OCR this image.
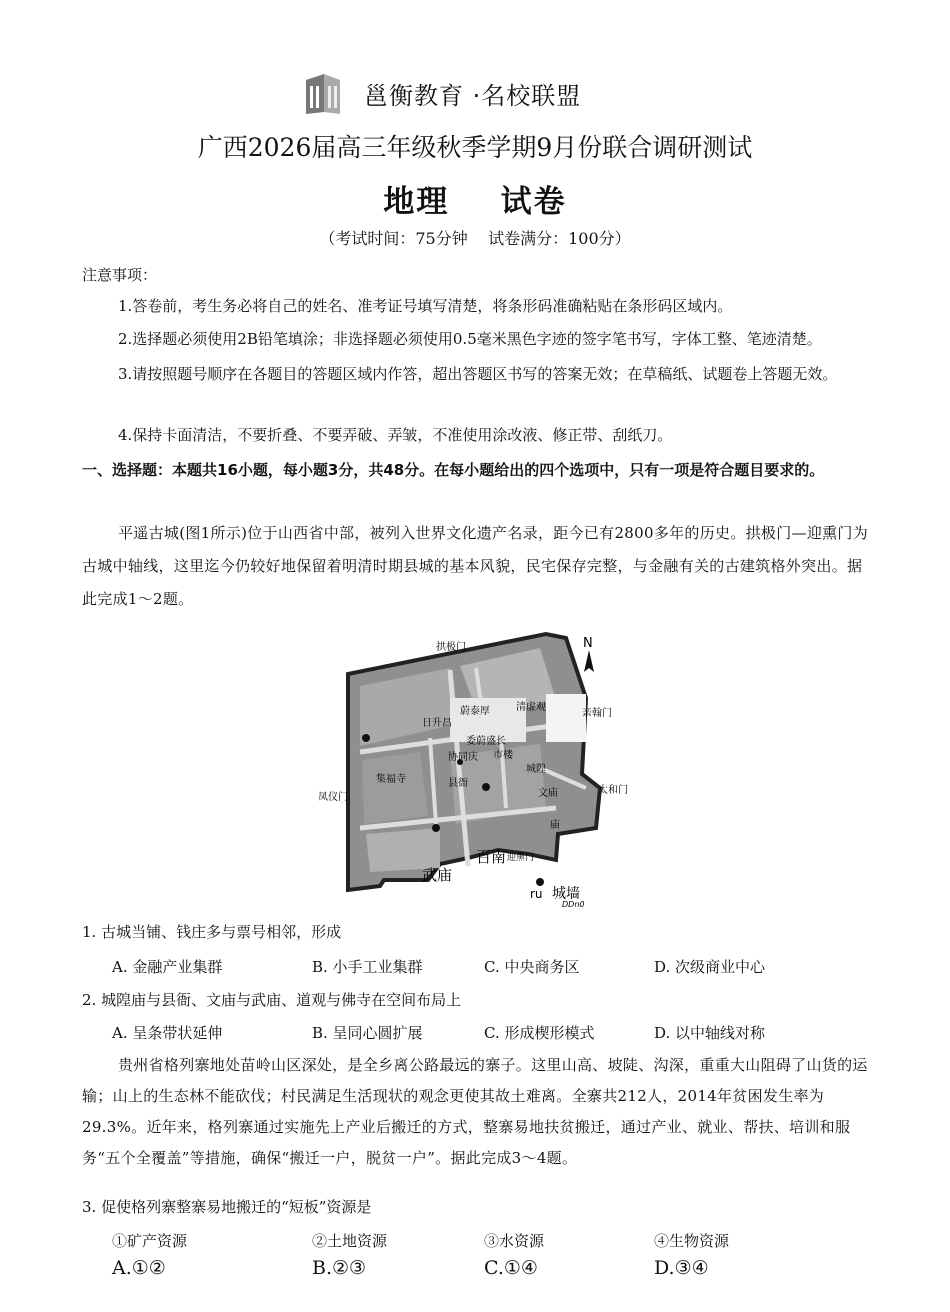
邕衡教育 ·名校联盟
广西2026届高三年级秋季学期9月份联合调研测试
地理    试卷
（考试时间：75分钟    试卷满分：100分）
注意事项：
1.答卷前，考生务必将自己的姓名、准考证号填写清楚，将条形码准确粘贴在条形码区域内。
2.选择题必须使用2B铅笔填涂；非选择题必须使用0.5毫米黑色字迹的签字笔书写，字体工整、笔迹清楚。
3.请按照题号顺序在各题目的答题区域内作答，超出答题区书写的答案无效；在草稿纸、试题卷上答题无效。
4.保持卡面清洁，不要折叠、不要弄破、弄皱，不准使用涂改液、修正带、刮纸刀。
一、选择题：本题共16小题，每小题3分，共48分。在每小题给出的四个选项中，只有一项是符合题目要求的。
平遥古城(图1所示)位于山西省中部，被列入世界文化遗产名录，距今已有2800多年的历史。拱极门—迎熏门为古城中轴线，这里迄今仍较好地保留着明清时期县城的基本风貌，民宅保存完整，与金融有关的古建筑格外突出。据此完成1～2题。
N
拱极门
亲翰门
太和门
凤仪门
迎熏门
蔚泰厚	清虚观
日升昌
委蔚盛长
协同庆 市楼
集福寺	县衙
城隍
文庙
庙
武庙
百南
ru 城墙
DDn0
1. 古城当铺、钱庄多与票号相邻，形成
A. 金融产业集群	B. 小手工业集群	C. 中央商务区	D. 次级商业中心
2. 城隍庙与县衙、文庙与武庙、道观与佛寺在空间布局上
A. 呈条带状延伸	B. 呈同心圆扩展	C. 形成楔形模式	D. 以中轴线对称
贵州省格列寨地处苗岭山区深处，是全乡离公路最远的寨子。这里山高、坡陡、沟深，重重大山阻碍了山货的运输；山上的生态林不能砍伐；村民满足生活现状的观念更使其故土难离。全寨共212人，2014年贫困发生率为29.3%。近年来，格列寨通过实施先上产业后搬迁的方式，整寨易地扶贫搬迁，通过产业、就业、帮扶、培训和服务“五个全覆盖”等措施，确保“搬迁一户，脱贫一户”。据此完成3～4题。
3. 促使格列寨整寨易地搬迁的“短板”资源是
①矿产资源	②土地资源	③水资源	④生物资源
A.①②	B.②③	C.①④	D.③④
